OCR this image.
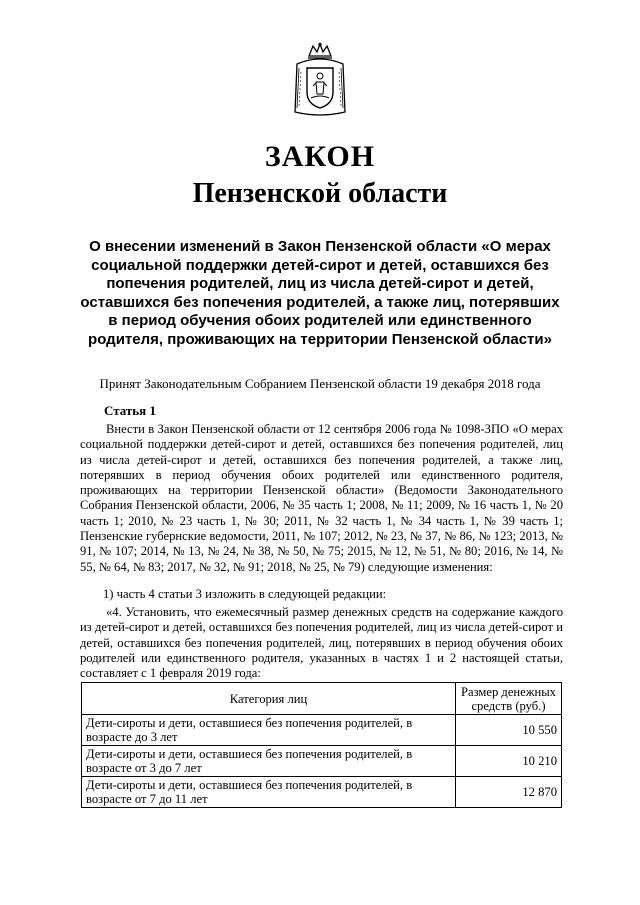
ЗАКОН
Пензенской области
О внесении изменений в Закон Пензенской области «О мерах социальной поддержки детей-сирот и детей, оставшихся без попечения родителей, лиц из числа детей-сирот и детей, оставшихся без попечения родителей, а также лиц, потерявших в период обучения обоих родителей или единственного родителя, проживающих на территории Пензенской области»
Принят Законодательным Собранием Пензенской области 19 декабря 2018 года
Статья 1
Внести в Закон Пензенской области от 12 сентября 2006 года № 1098-ЗПО «О мерах социальной поддержки детей-сирот и детей, оставшихся без попечения родителей, лиц из числа детей-сирот и детей, оставшихся без попечения родителей, а также лиц, потерявших в период обучения обоих родителей или единственного родителя, проживающих на территории Пензенской области» (Ведомости Законодательного Собрания Пензенской области, 2006, № 35 часть 1; 2008, № 11; 2009, № 16 часть 1, № 20 часть 1; 2010, № 23 часть 1, № 30; 2011, № 32 часть 1, № 34 часть 1, № 39 часть 1; Пензенские губернские ведомости, 2011, № 107; 2012, № 23, № 37, № 86, № 123; 2013, № 91, № 107; 2014, № 13, № 24, № 38, № 50, № 75; 2015, № 12, № 51, № 80; 2016, № 14, № 55, № 64, № 83; 2017, № 32, № 91; 2018, № 25, № 79) следующие изменения:
1) часть 4 статьи 3 изложить в следующей редакции:
«4. Установить, что ежемесячный размер денежных средств на содержание каждого из детей-сирот и детей, оставшихся без попечения родителей, лиц из числа детей-сирот и детей, оставшихся без попечения родителей, лиц, потерявших в период обучения обоих родителей или единственного родителя, указанных в частях 1 и 2 настоящей статьи, составляет с 1 февраля 2019 года:
Категория лиц	Размер денежных средств (руб.)
Дети-сироты и дети, оставшиеся без попечения родителей, в возрасте до 3 лет	10 550
Дети-сироты и дети, оставшиеся без попечения родителей, в возрасте от 3 до 7 лет	10 210
Дети-сироты и дети, оставшиеся без попечения родителей, в возрасте от 7 до 11 лет	12 870
